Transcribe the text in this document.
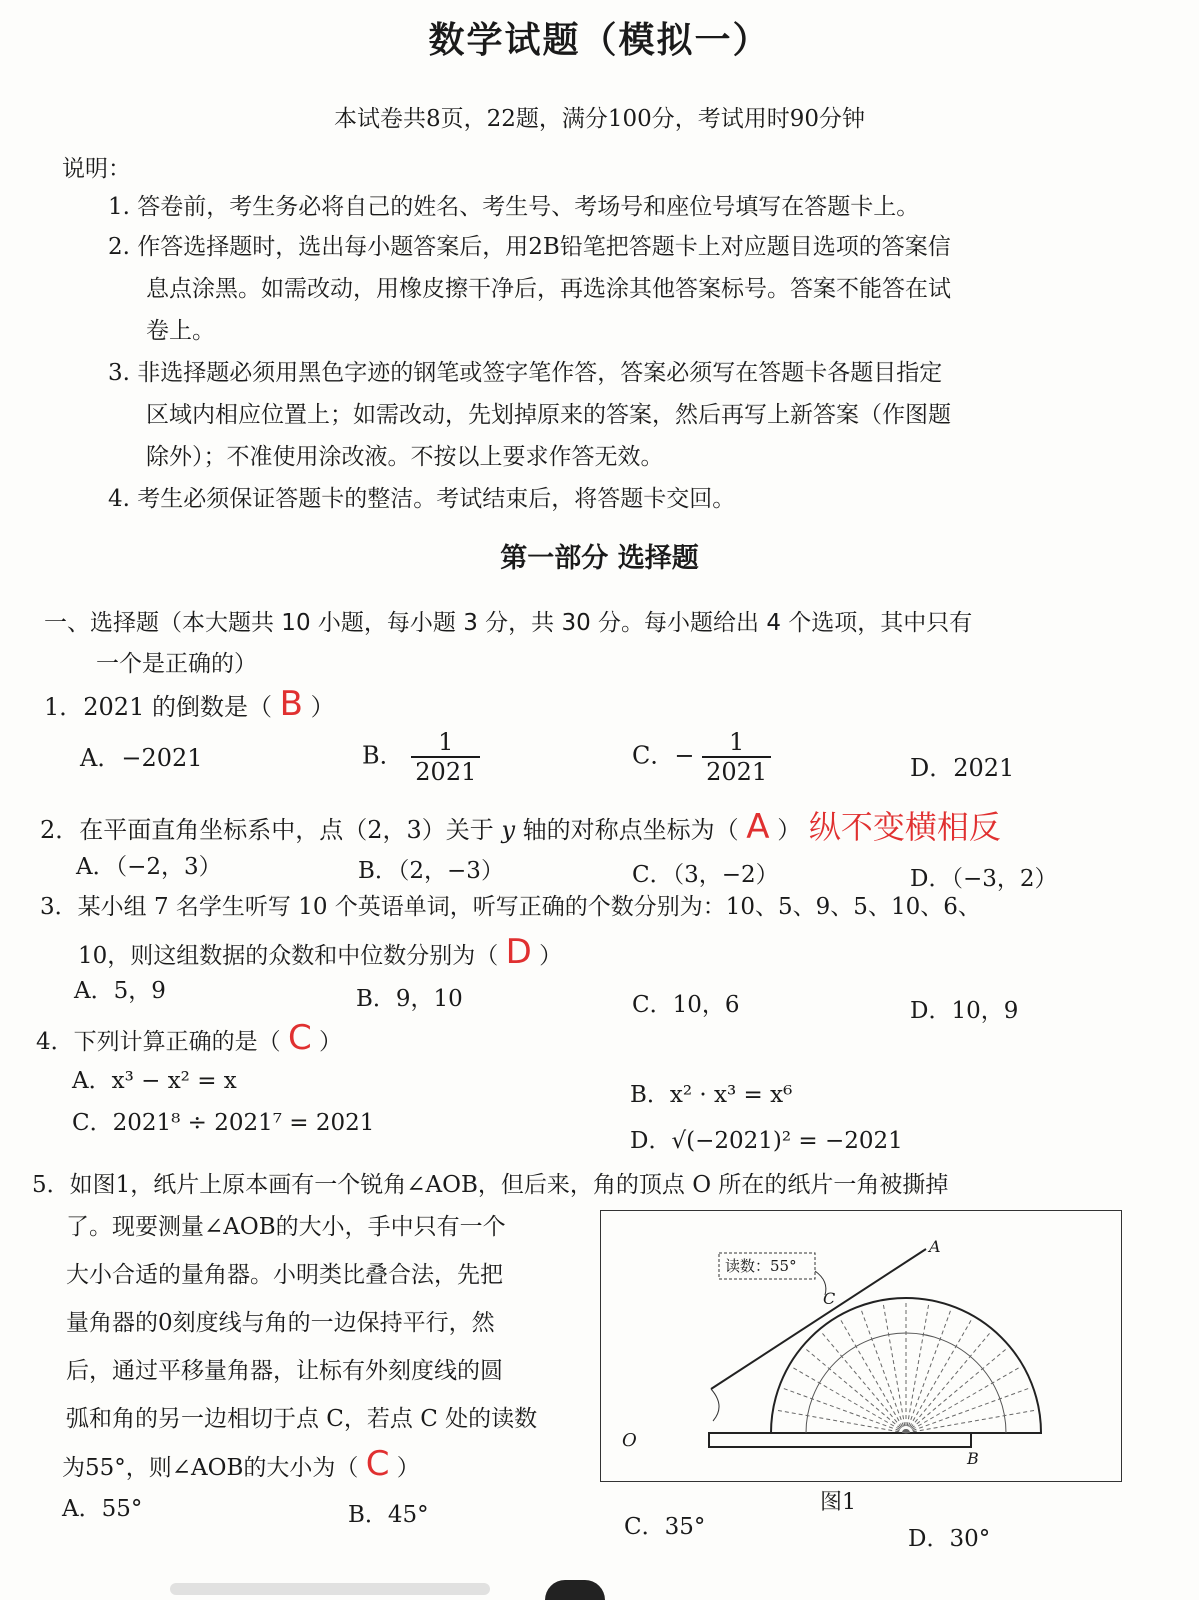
数学试题（模拟一）
本试卷共8页，22题，满分100分，考试用时90分钟
说明：
1. 答卷前，考生务必将自己的姓名、考生号、考场号和座位号填写在答题卡上。
2. 作答选择题时，选出每小题答案后，用2B铅笔把答题卡上对应题目选项的答案信
息点涂黑。如需改动，用橡皮擦干净后，再选涂其他答案标号。答案不能答在试
卷上。
3. 非选择题必须用黑色字迹的钢笔或签字笔作答，答案必须写在答题卡各题目指定
区域内相应位置上；如需改动，先划掉原来的答案，然后再写上新答案（作图题
除外）；不准使用涂改液。不按以上要求作答无效。
4. 考生必须保证答题卡的整洁。考试结束后，将答题卡交回。
第一部分 选择题
一、选择题（本大题共 10 小题，每小题 3 分，共 30 分。每小题给出 4 个选项，其中只有
一个是正确的）
1．2021 的倒数是（ B ）
A．−2021	B． $\frac{1}{2021}$	C．− $\frac{1}{2021}$	D．2021
2．在平面直角坐标系中，点（2，3）关于 y 轴的对称点坐标为（ A ） 纵不变横相反
A．（−2，3）	B．（2，−3）	C．（3，−2）	D．（−3，2）
3．某小组 7 名学生听写 10 个英语单词，听写正确的个数分别为：10、5、9、5、10、6、
10，则这组数据的众数和中位数分别为（ D ）
A．5，9	B．9，10	C．10，6	D．10，9
4．下列计算正确的是（ C ）
A．x³ − x² = x
B．x² · x³ = x⁶
C．2021⁸ ÷ 2021⁷ = 2021
D．√(−2021)² = −2021
5．如图1，纸片上原本画有一个锐角∠AOB，但后来，角的顶点 O 所在的纸片一角被撕掉
了。现要测量∠AOB的大小，手中只有一个
大小合适的量角器。小明类比叠合法，先把
量角器的0刻度线与角的一边保持平行，然
后，通过平移量角器，让标有外刻度线的圆
弧和角的另一边相切于点 C，若点 C 处的读数
为55°，则∠AOB的大小为（ C ）
A．55°	B．45°	C．35°	D．30°
读数：55°
A
B
C
O
图1
